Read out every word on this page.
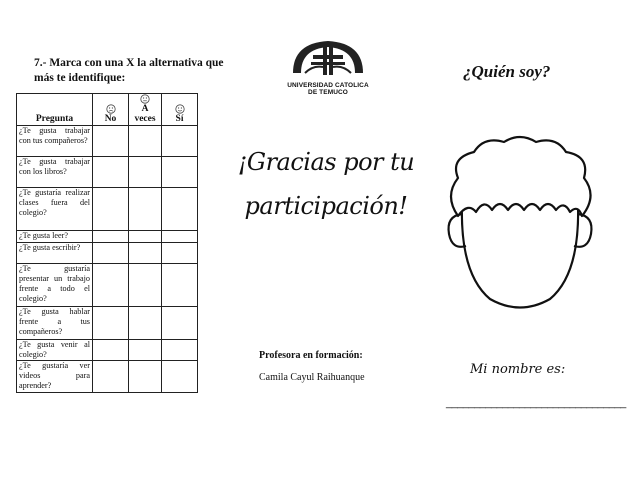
7.- Marca con una X la alternativa que más te identifique:
Pregunta	No	A veces	Sí

¿Te gusta trabajar con tus compañeros?			
¿Te gusta trabajar con los libros?			
¿Te gustaría realizar clases fuera del colegio?			
¿Te gusta leer?			
¿Te gusta escribir?			
¿Te gustaría presentar un trabajo frente a todo el colegio?			
¿Te gusta hablar frente a tus compañeros?			
¿Te gusta venir al colegio?			
¿Te gustaría ver videos para aprender?			
UNIVERSIDAD CATOLICA
DE TEMUCO
¡Gracias por tu
participación!
Profesora en formación:
Camila Cayul Raihuanque
¿Quién soy?
Mi nombre es:
________________________________
